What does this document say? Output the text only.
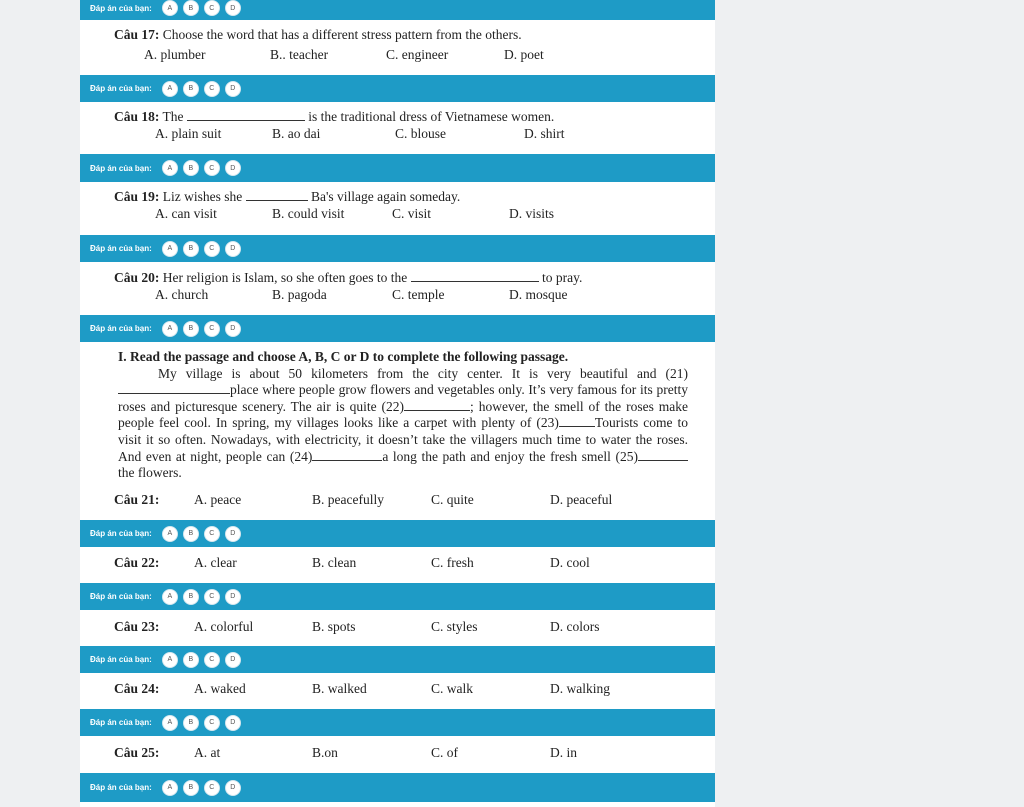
Đáp án của bạn:	A	B	C	D
Câu 17: Choose the word that has a different stress pattern from the others.
A. plumber	B.. teacher	C. engineer	D. poet
Đáp án của bạn:	A	B	C	D
Câu 18: The	is the traditional dress of Vietnamese women.
A. plain suit	B. ao dai	C. blouse	D. shirt
Đáp án của bạn:	A	B	C	D
Câu 19: Liz wishes she	Ba's village again someday.
A. can visit	B. could visit	C. visit	D. visits
Đáp án của bạn:	A	B	C	D
Câu 20: Her religion is Islam, so she often goes to the	to pray.
A. church	B. pagoda	C. temple	D. mosque
Đáp án của bạn:	A	B	C	D
I. Read the passage and choose A, B, C or D to complete the following passage.

My village is about 50 kilometers from the city center. It is very beautiful and (21)place where people grow flowers and vegetables only. It’s very famous for its pretty roses and picturesque scenery. The air is quite (22)	; however, the smell of the roses make people feel cool. In spring, my villages looks like a carpet with plenty of (23)	Tourists come to visit it so often. Nowadays, with electricity, it doesn’t take the villagers much time to water the roses. And even at night, people can (24)	a long the path and enjoy the fresh smell (25) the flowers.

Câu 21:	A. peace	B. peacefully	C. quite	D. peaceful
Đáp án của bạn:	A	B	C	D
Câu 22:	A. clear	B. clean	C. fresh	D. cool
Đáp án của bạn:	A	B	C	D
Câu 23:	A. colorful	B. spots	C. styles	D. colors
Đáp án của bạn:	A	B	C	D
Câu 24:	A. waked	B. walked	C. walk	D. walking
Đáp án của bạn:	A	B	C	D
Câu 25:	A. at	B.on	C. of	D. in
Đáp án của bạn:	A	B	C	D
